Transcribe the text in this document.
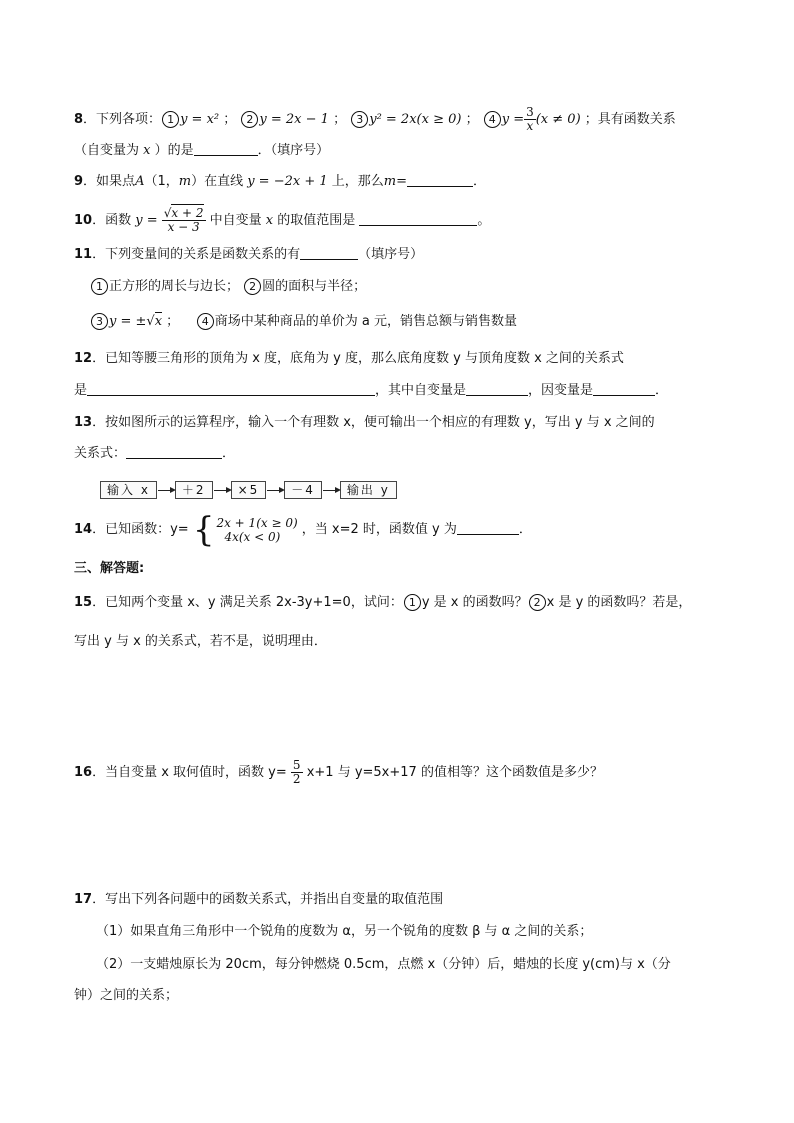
8．下列各项： 1 y = x² ； 2 y = 2x − 1 ； 3 y² = 2x(x ≥ 0) ； 4 $y = \frac{3}{x} (x \ne 0)$ ；具有函数关系
（自变量为 x ）的是	．（填序号）
9．如果点A（1，m）在直线 y = −2x + 1 上，那么m=	．
10．函数 $y = \frac{√x + 2}{x - 3}$ 中自变量 x 的取值范围是	。
11．下列变量间的关系是函数关系的有	（填序号）
1 正方形的周长与边长； 2 圆的面积与半径；
3 y = ±√x ； 4 商场中某种商品的单价为 a 元，销售总额与销售数量
12．已知等腰三角形的顶角为 x 度，底角为 y 度，那么底角度数 y 与顶角度数 x 之间的关系式
是	，其中自变量是	，因变量是	．
13．按如图所示的运算程序，输入一个有理数 x，便可输出一个相应的有理数 y，写出 y 与 x 之间的
关系式：	．
输入 x	＋2	×5	－4	输出 y
14．已知函数：y= { 2x + 1(x ≥ 0)
4x(x < 0)	，当 x=2 时，函数值 y 为	．
三、解答题:
15．已知两个变量 x、y 满足关系 2x-3y+1=0，试问： 1 y 是 x 的函数吗？ 2 x 是 y 的函数吗？若是，
写出 y 与 x 的关系式，若不是，说明理由．
16．当自变量 x 取何值时，函数 $y= \frac{5}{2} x+1$ 与 y=5x+17 的值相等？这个函数值是多少？
17．写出下列各问题中的函数关系式，并指出自变量的取值范围
（1）如果直角三角形中一个锐角的度数为 α，另一个锐角的度数 β 与 α 之间的关系；
（2）一支蜡烛原长为 20cm，每分钟燃烧 0.5cm，点燃 x（分钟）后，蜡烛的长度 y(cm)与 x（分
钟）之间的关系；
